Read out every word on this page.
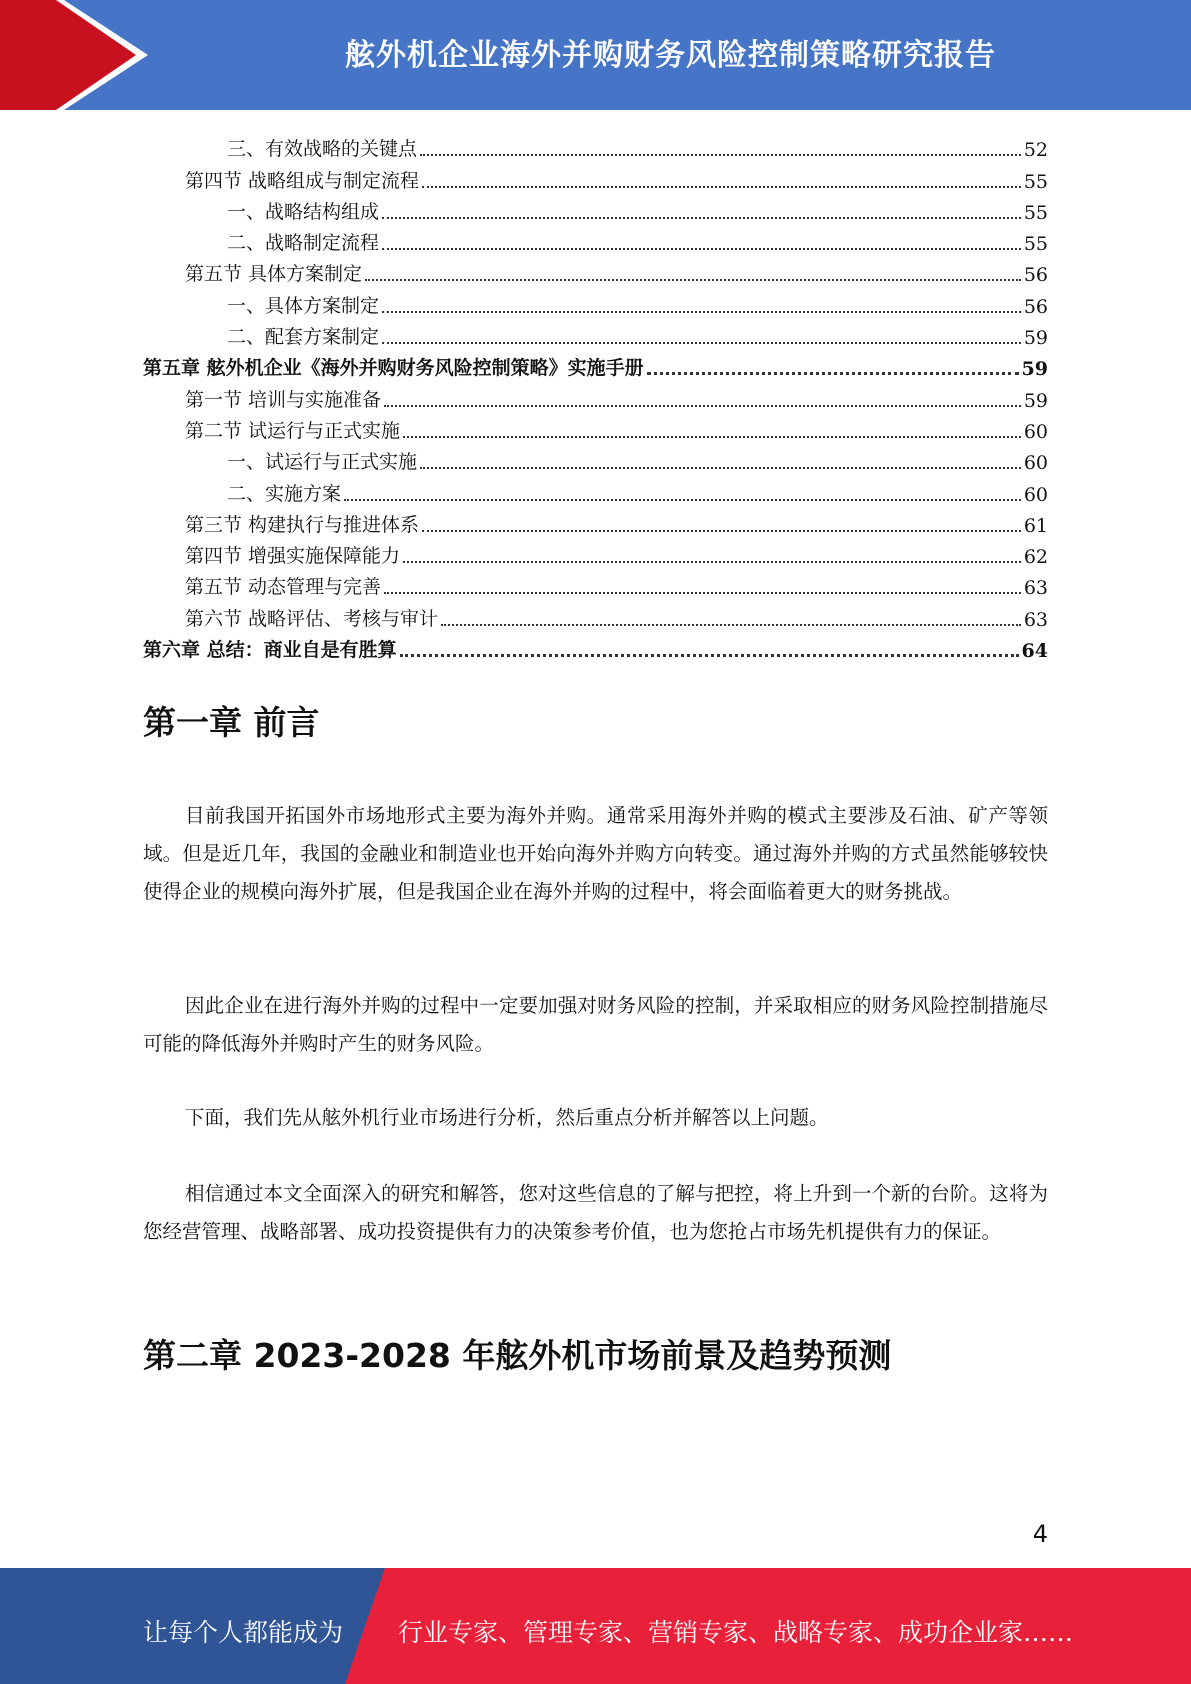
舷外机企业海外并购财务风险控制策略研究报告
三、有效战略的关键点	52
第四节 战略组成与制定流程	55
一、战略结构组成	55
二、战略制定流程	55
第五节 具体方案制定	56
一、具体方案制定	56
二、配套方案制定	59
第五章 舷外机企业《海外并购财务风险控制策略》实施手册	59
第一节 培训与实施准备	59
第二节 试运行与正式实施	60
一、试运行与正式实施	60
二、实施方案	60
第三节 构建执行与推进体系	61
第四节 增强实施保障能力	62
第五节 动态管理与完善	63
第六节 战略评估、考核与审计	63
第六章 总结：商业自是有胜算	64
第一章 前言

目前我国开拓国外市场地形式主要为海外并购。通常采用海外并购的模式主要涉及石油、矿产等领域。但是近几年，我国的金融业和制造业也开始向海外并购方向转变。通过海外并购的方式虽然能够较快使得企业的规模向海外扩展，但是我国企业在海外并购的过程中，将会面临着更大的财务挑战。

因此企业在进行海外并购的过程中一定要加强对财务风险的控制，并采取相应的财务风险控制措施尽可能的降低海外并购时产生的财务风险。

下面，我们先从舷外机行业市场进行分析，然后重点分析并解答以上问题。

相信通过本文全面深入的研究和解答，您对这些信息的了解与把控，将上升到一个新的台阶。这将为您经营管理、战略部署、成功投资提供有力的决策参考价值，也为您抢占市场先机提供有力的保证。

第二章 2023-2028 年舷外机市场前景及趋势预测
4
让每个人都能成为 行业专家、管理专家、营销专家、战略专家、成功企业家……
